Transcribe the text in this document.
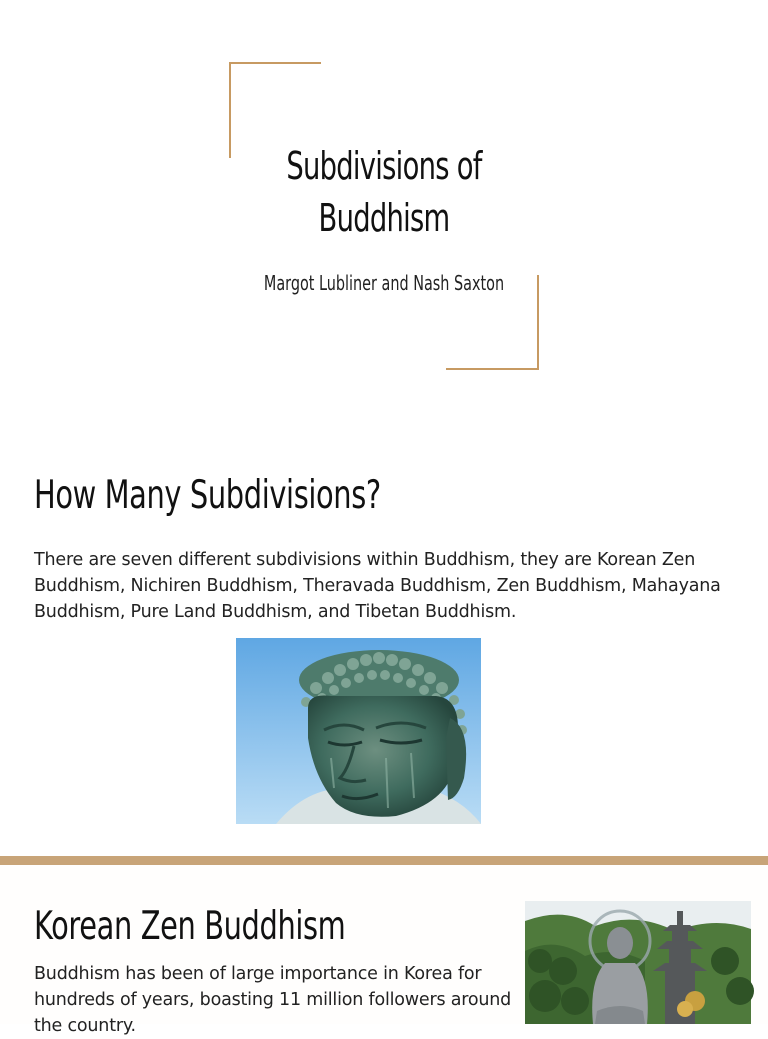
Subdivisions of
Buddhism

Margot Lubliner and Nash Saxton

How Many Subdivisions?

There are seven different subdivisions within Buddhism, they are Korean Zen Buddhism, Nichiren Buddhism, Theravada Buddhism, Zen Buddhism, Mahayana Buddhism, Pure Land Buddhism, and Tibetan Buddhism.

Korean Zen Buddhism

Buddhism has been of large importance in Korea for hundreds of years, boasting 11 million followers around the country.
